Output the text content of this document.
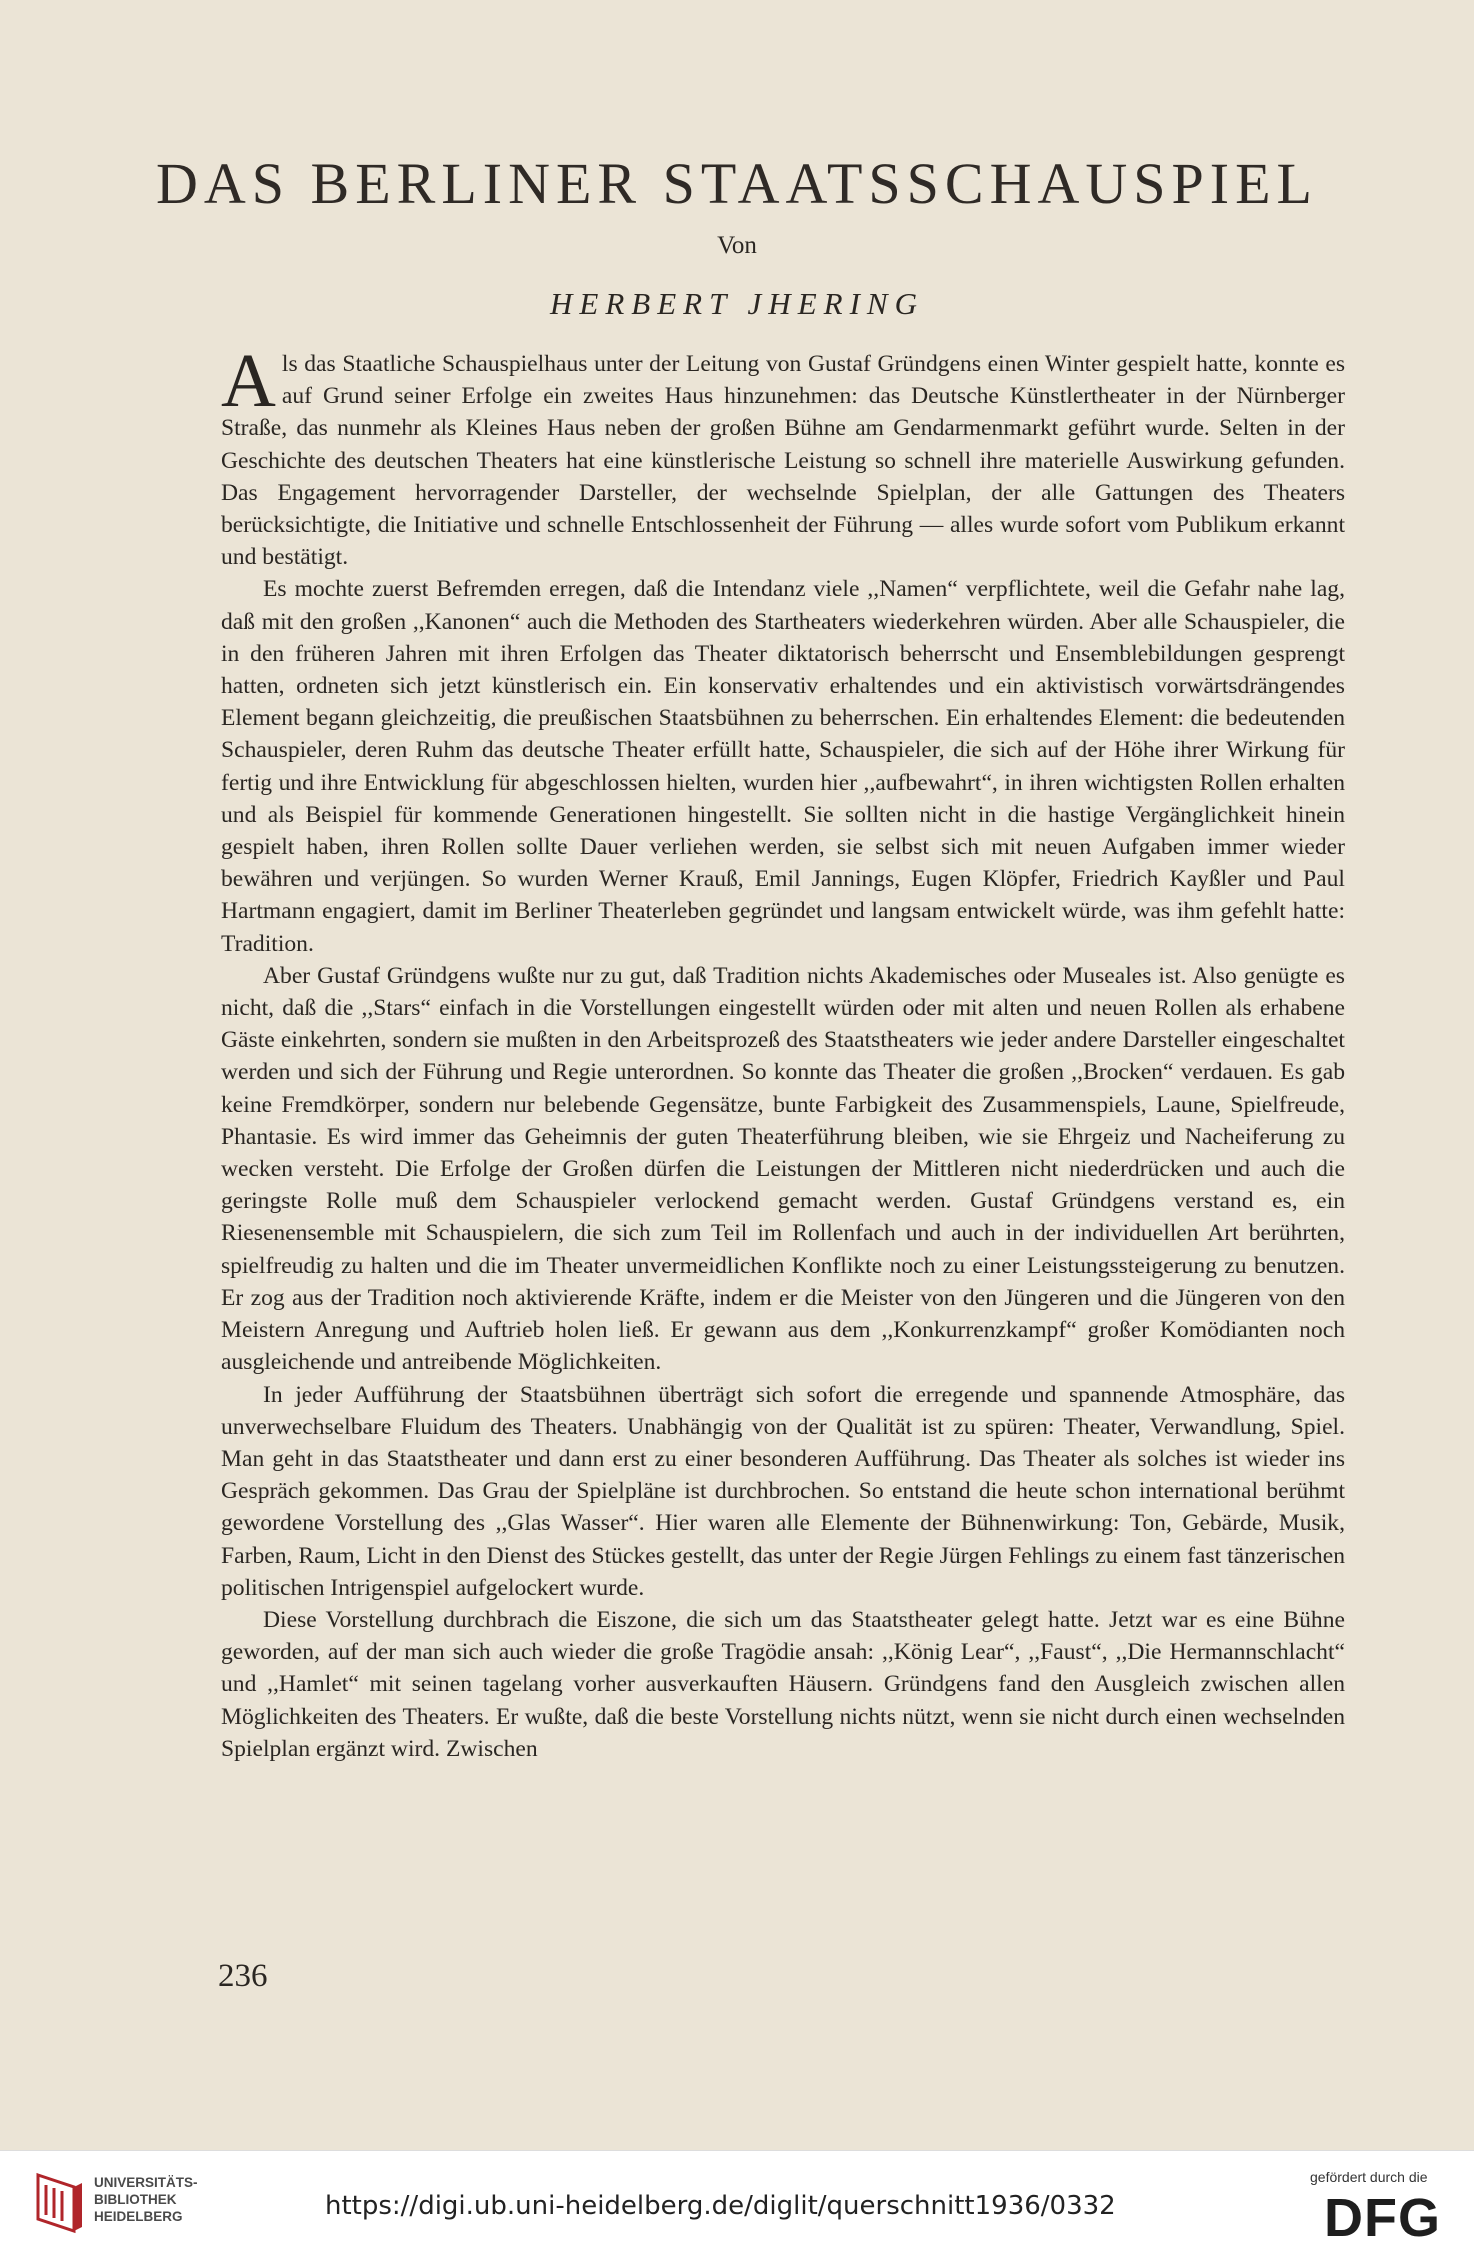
DAS BERLINER STAATSSCHAUSPIEL

Von

HERBERT JHERING

Als das Staatliche Schauspielhaus unter der Leitung von Gustaf Gründgens einen Winter gespielt hatte, konnte es auf Grund seiner Erfolge ein zweites Haus hinzunehmen: das Deutsche Künstlertheater in der Nürnberger Straße, das nunmehr als Kleines Haus neben der großen Bühne am Gendarmenmarkt geführt wurde. Selten in der Geschichte des deutschen Theaters hat eine künstlerische Leistung so schnell ihre materielle Auswirkung gefunden. Das Engagement hervorragender Darsteller, der wechselnde Spielplan, der alle Gattungen des Theaters berücksichtigte, die Initiative und schnelle Entschlossenheit der Führung — alles wurde sofort vom Publikum erkannt und bestätigt.

Es mochte zuerst Befremden erregen, daß die Intendanz viele ,,Namen“ verpflichtete, weil die Gefahr nahe lag, daß mit den großen ,,Kanonen“ auch die Methoden des Startheaters wiederkehren würden. Aber alle Schauspieler, die in den früheren Jahren mit ihren Erfolgen das Theater diktatorisch beherrscht und Ensemblebildungen gesprengt hatten, ordneten sich jetzt künstlerisch ein. Ein konservativ erhaltendes und ein aktivistisch vorwärtsdrängendes Element begann gleichzeitig, die preußischen Staatsbühnen zu beherrschen. Ein erhaltendes Element: die bedeutenden Schauspieler, deren Ruhm das deutsche Theater erfüllt hatte, Schauspieler, die sich auf der Höhe ihrer Wirkung für fertig und ihre Entwicklung für abgeschlossen hielten, wurden hier ,,aufbewahrt“, in ihren wichtigsten Rollen erhalten und als Beispiel für kommende Generationen hingestellt. Sie sollten nicht in die hastige Vergänglichkeit hinein gespielt haben, ihren Rollen sollte Dauer verliehen werden, sie selbst sich mit neuen Aufgaben immer wieder bewähren und verjüngen. So wurden Werner Krauß, Emil Jannings, Eugen Klöpfer, Friedrich Kayßler und Paul Hartmann engagiert, damit im Berliner Theaterleben gegründet und langsam entwickelt würde, was ihm gefehlt hatte: Tradition.

Aber Gustaf Gründgens wußte nur zu gut, daß Tradition nichts Akademisches oder Museales ist. Also genügte es nicht, daß die ,,Stars“ einfach in die Vorstellungen eingestellt würden oder mit alten und neuen Rollen als erhabene Gäste einkehrten, sondern sie mußten in den Arbeitsprozeß des Staatstheaters wie jeder andere Darsteller eingeschaltet werden und sich der Führung und Regie unterordnen. So konnte das Theater die großen ,,Brocken“ verdauen. Es gab keine Fremdkörper, sondern nur belebende Gegensätze, bunte Farbigkeit des Zusammenspiels, Laune, Spielfreude, Phantasie. Es wird immer das Geheimnis der guten Theaterführung bleiben, wie sie Ehrgeiz und Nacheiferung zu wecken versteht. Die Erfolge der Großen dürfen die Leistungen der Mittleren nicht niederdrücken und auch die geringste Rolle muß dem Schauspieler verlockend gemacht werden. Gustaf Gründgens verstand es, ein Riesenensemble mit Schauspielern, die sich zum Teil im Rollenfach und auch in der individuellen Art berührten, spielfreudig zu halten und die im Theater unvermeidlichen Konflikte noch zu einer Leistungssteigerung zu benutzen. Er zog aus der Tradition noch aktivierende Kräfte, indem er die Meister von den Jüngeren und die Jüngeren von den Meistern Anregung und Auftrieb holen ließ. Er gewann aus dem ,,Konkurrenzkampf“ großer Komödianten noch ausgleichende und antreibende Möglichkeiten.

In jeder Aufführung der Staatsbühnen überträgt sich sofort die erregende und spannende Atmosphäre, das unverwechselbare Fluidum des Theaters. Unabhängig von der Qualität ist zu spüren: Theater, Verwandlung, Spiel. Man geht in das Staatstheater und dann erst zu einer besonderen Aufführung. Das Theater als solches ist wieder ins Gespräch gekommen. Das Grau der Spielpläne ist durchbrochen. So entstand die heute schon international berühmt gewordene Vorstellung des ,,Glas Wasser“. Hier waren alle Elemente der Bühnenwirkung: Ton, Gebärde, Musik, Farben, Raum, Licht in den Dienst des Stückes gestellt, das unter der Regie Jürgen Fehlings zu einem fast tänzerischen politischen Intrigenspiel aufgelockert wurde.

Diese Vorstellung durchbrach die Eiszone, die sich um das Staatstheater gelegt hatte. Jetzt war es eine Bühne geworden, auf der man sich auch wieder die große Tragödie ansah: ,,König Lear“, ,,Faust“, ,,Die Hermannschlacht“ und ,,Hamlet“ mit seinen tagelang vorher ausverkauften Häusern. Gründgens fand den Ausgleich zwischen allen Möglichkeiten des Theaters. Er wußte, daß die beste Vorstellung nichts nützt, wenn sie nicht durch einen wechselnden Spielplan ergänzt wird. Zwischen

236

UNIVERSITÄTS-
BIBLIOTHEK
HEIDELBERG	https://digi.ub.uni-heidelberg.de/diglit/querschnitt1936/0332
gefördert durch die
DFG
